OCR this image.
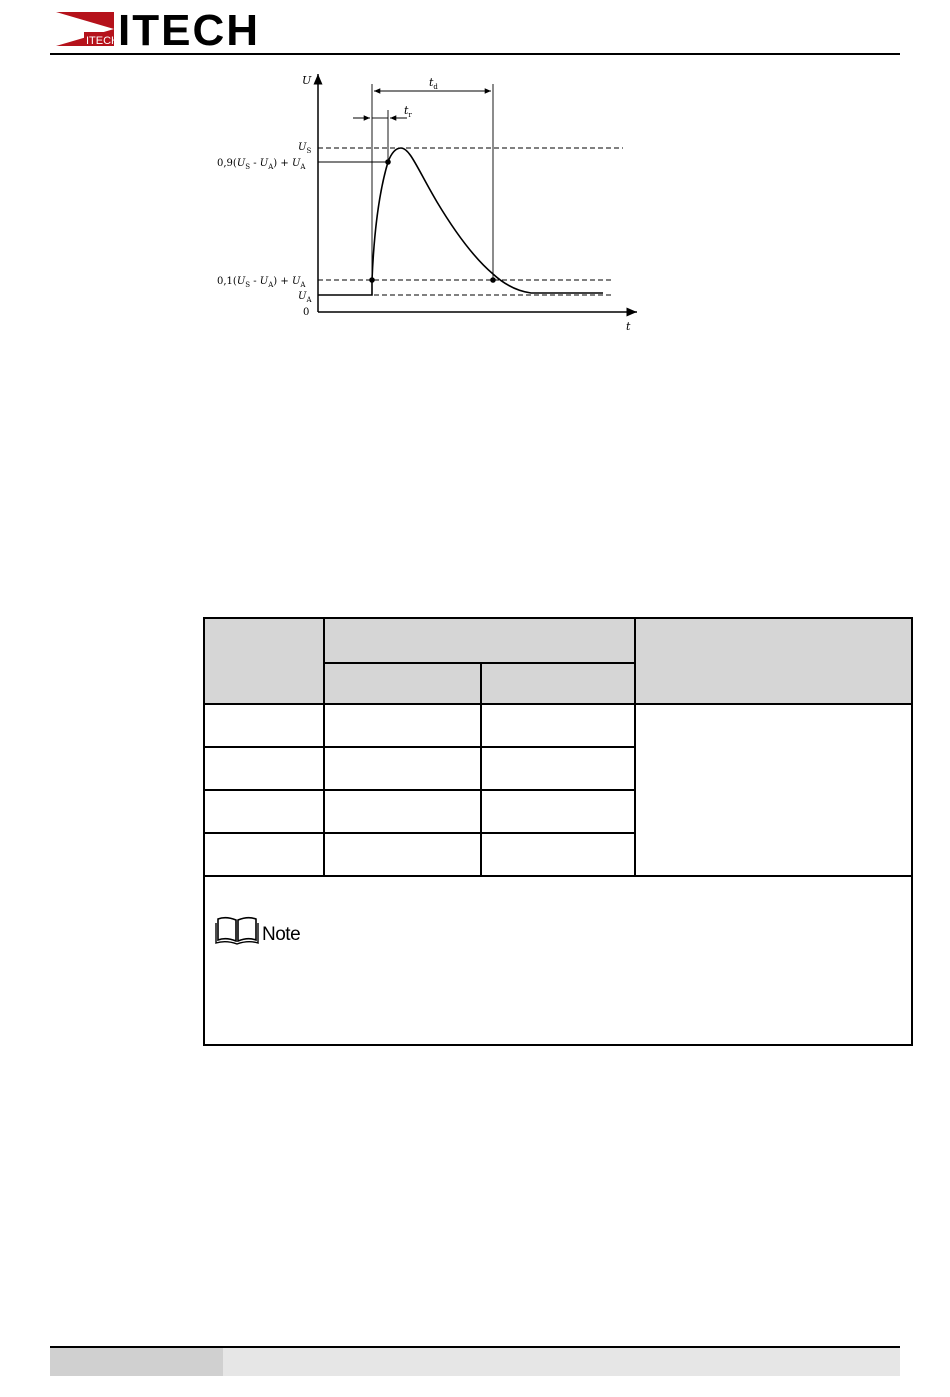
ITECH ITECH
U
t
0
$t_d$
$t_r$
$U_S$
$0,9(U_S - U_A) + U_A$
$0,1(U_S - U_A) + U_A$
$U_A$

Note			
